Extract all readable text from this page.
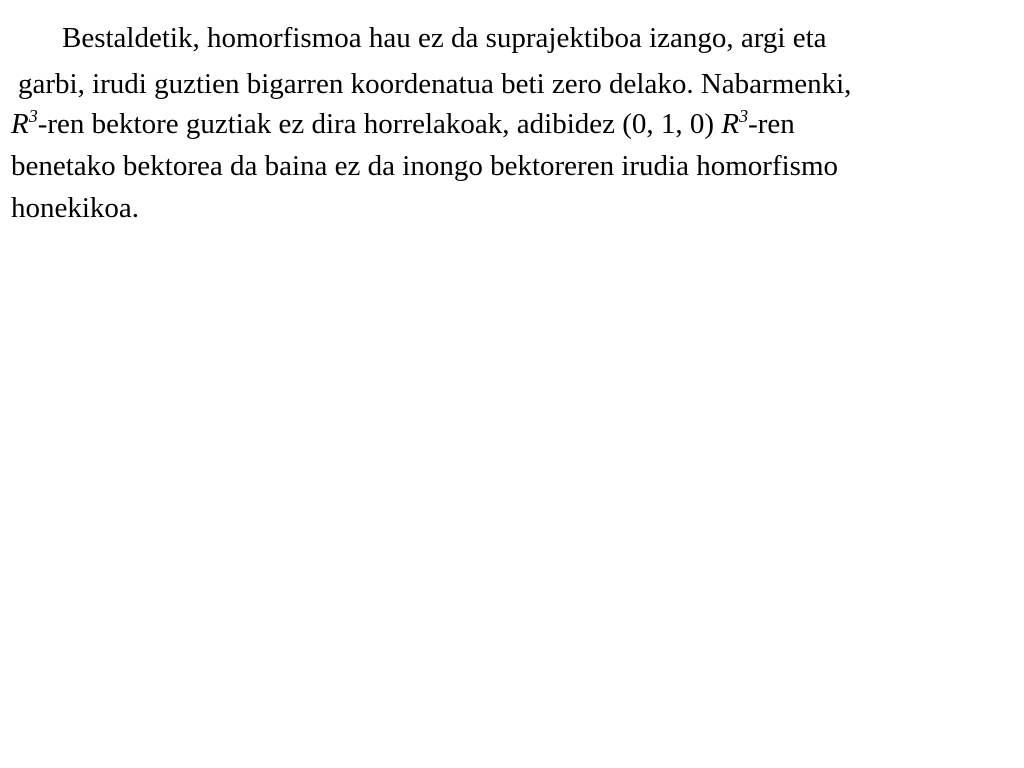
Bestaldetik, homorfismoa hau ez da suprajektiboa izango, argi eta
garbi, irudi guztien bigarren koordenatua beti zero delako. Nabarmenki,
$R^3$-ren bektore guztiak ez dira horrelakoak, adibidez (0, 1, 0) $R^3$-ren
benetako bektorea da baina ez da inongo bektoreren irudia homorfismo
honekikoa.
